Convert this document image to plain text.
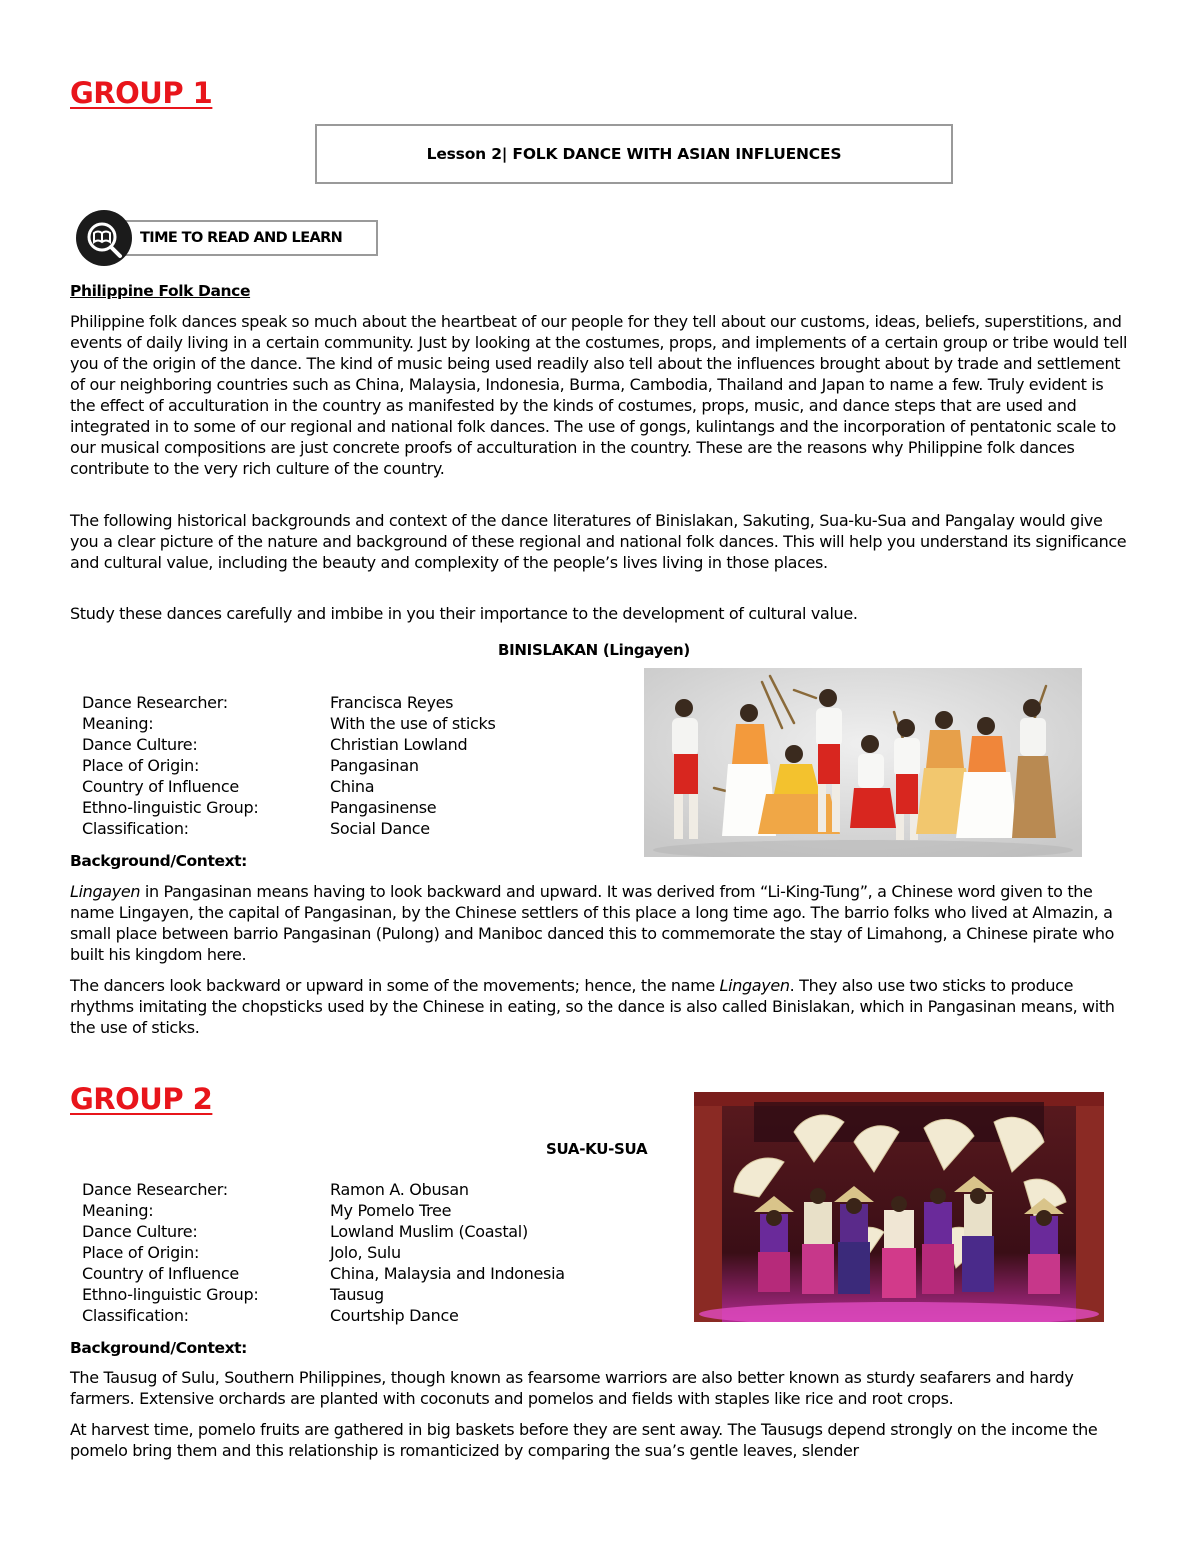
GROUP 1
Lesson 2| FOLK DANCE WITH ASIAN INFLUENCES
TIME TO READ AND LEARN
Philippine Folk Dance

Philippine folk dances speak so much about the heartbeat of our people for they tell about our customs, ideas, beliefs, superstitions, and events of daily living in a certain community. Just by looking at the costumes, props, and implements of a certain group or tribe would tell you of the origin of the dance. The kind of music being used readily also tell about the influences brought about by trade and settlement of our neighboring countries such as China, Malaysia, Indonesia, Burma, Cambodia, Thailand and Japan to name a few. Truly evident is the effect of acculturation in the country as manifested by the kinds of costumes, props, music, and dance steps that are used and integrated in to some of our regional and national folk dances. The use of gongs, kulintangs and the incorporation of pentatonic scale to our musical compositions are just concrete proofs of acculturation in the country. These are the reasons why Philippine folk dances contribute to the very rich culture of the country.

The following historical backgrounds and context of the dance literatures of Binislakan, Sakuting, Sua-ku-Sua and Pangalay would give you a clear picture of the nature and background of these regional and national folk dances. This will help you understand its significance and cultural value, including the beauty and complexity of the people’s lives living in those places.

Study these dances carefully and imbibe in you their importance to the development of cultural value.

BINISLAKAN (Lingayen)
Dance Researcher:	Francisca Reyes
Meaning:	With the use of sticks
Dance Culture:	Christian Lowland
Place of Origin:	Pangasinan
Country of Influence	China
Ethno-linguistic Group:	Pangasinense
Classification:	Social Dance
Background/Context:

Lingayen in Pangasinan means having to look backward and upward. It was derived from “Li-King-Tung”, a Chinese word given to the name Lingayen, the capital of Pangasinan, by the Chinese settlers of this place a long time ago. The barrio folks who lived at Almazin, a small place between barrio Pangasinan (Pulong) and Maniboc danced this to commemorate the stay of Limahong, a Chinese pirate who built his kingdom here.

The dancers look backward or upward in some of the movements; hence, the name Lingayen. They also use two sticks to produce rhythms imitating the chopsticks used by the Chinese in eating, so the dance is also called Binislakan, which in Pangasinan means, with the use of sticks.

GROUP 2
SUA-KU-SUA
Dance Researcher:	Ramon A. Obusan
Meaning:	My Pomelo Tree
Dance Culture:	Lowland Muslim (Coastal)
Place of Origin:	Jolo, Sulu
Country of Influence	China, Malaysia and Indonesia
Ethno-linguistic Group:	Tausug
Classification:	Courtship Dance
Background/Context:

The Tausug of Sulu, Southern Philippines, though known as fearsome warriors are also better known as sturdy seafarers and hardy farmers. Extensive orchards are planted with coconuts and pomelos and fields with staples like rice and root crops.

At harvest time, pomelo fruits are gathered in big baskets before they are sent away. The Tausugs depend strongly on the income the pomelo bring them and this relationship is romanticized by comparing the sua’s gentle leaves, slender
